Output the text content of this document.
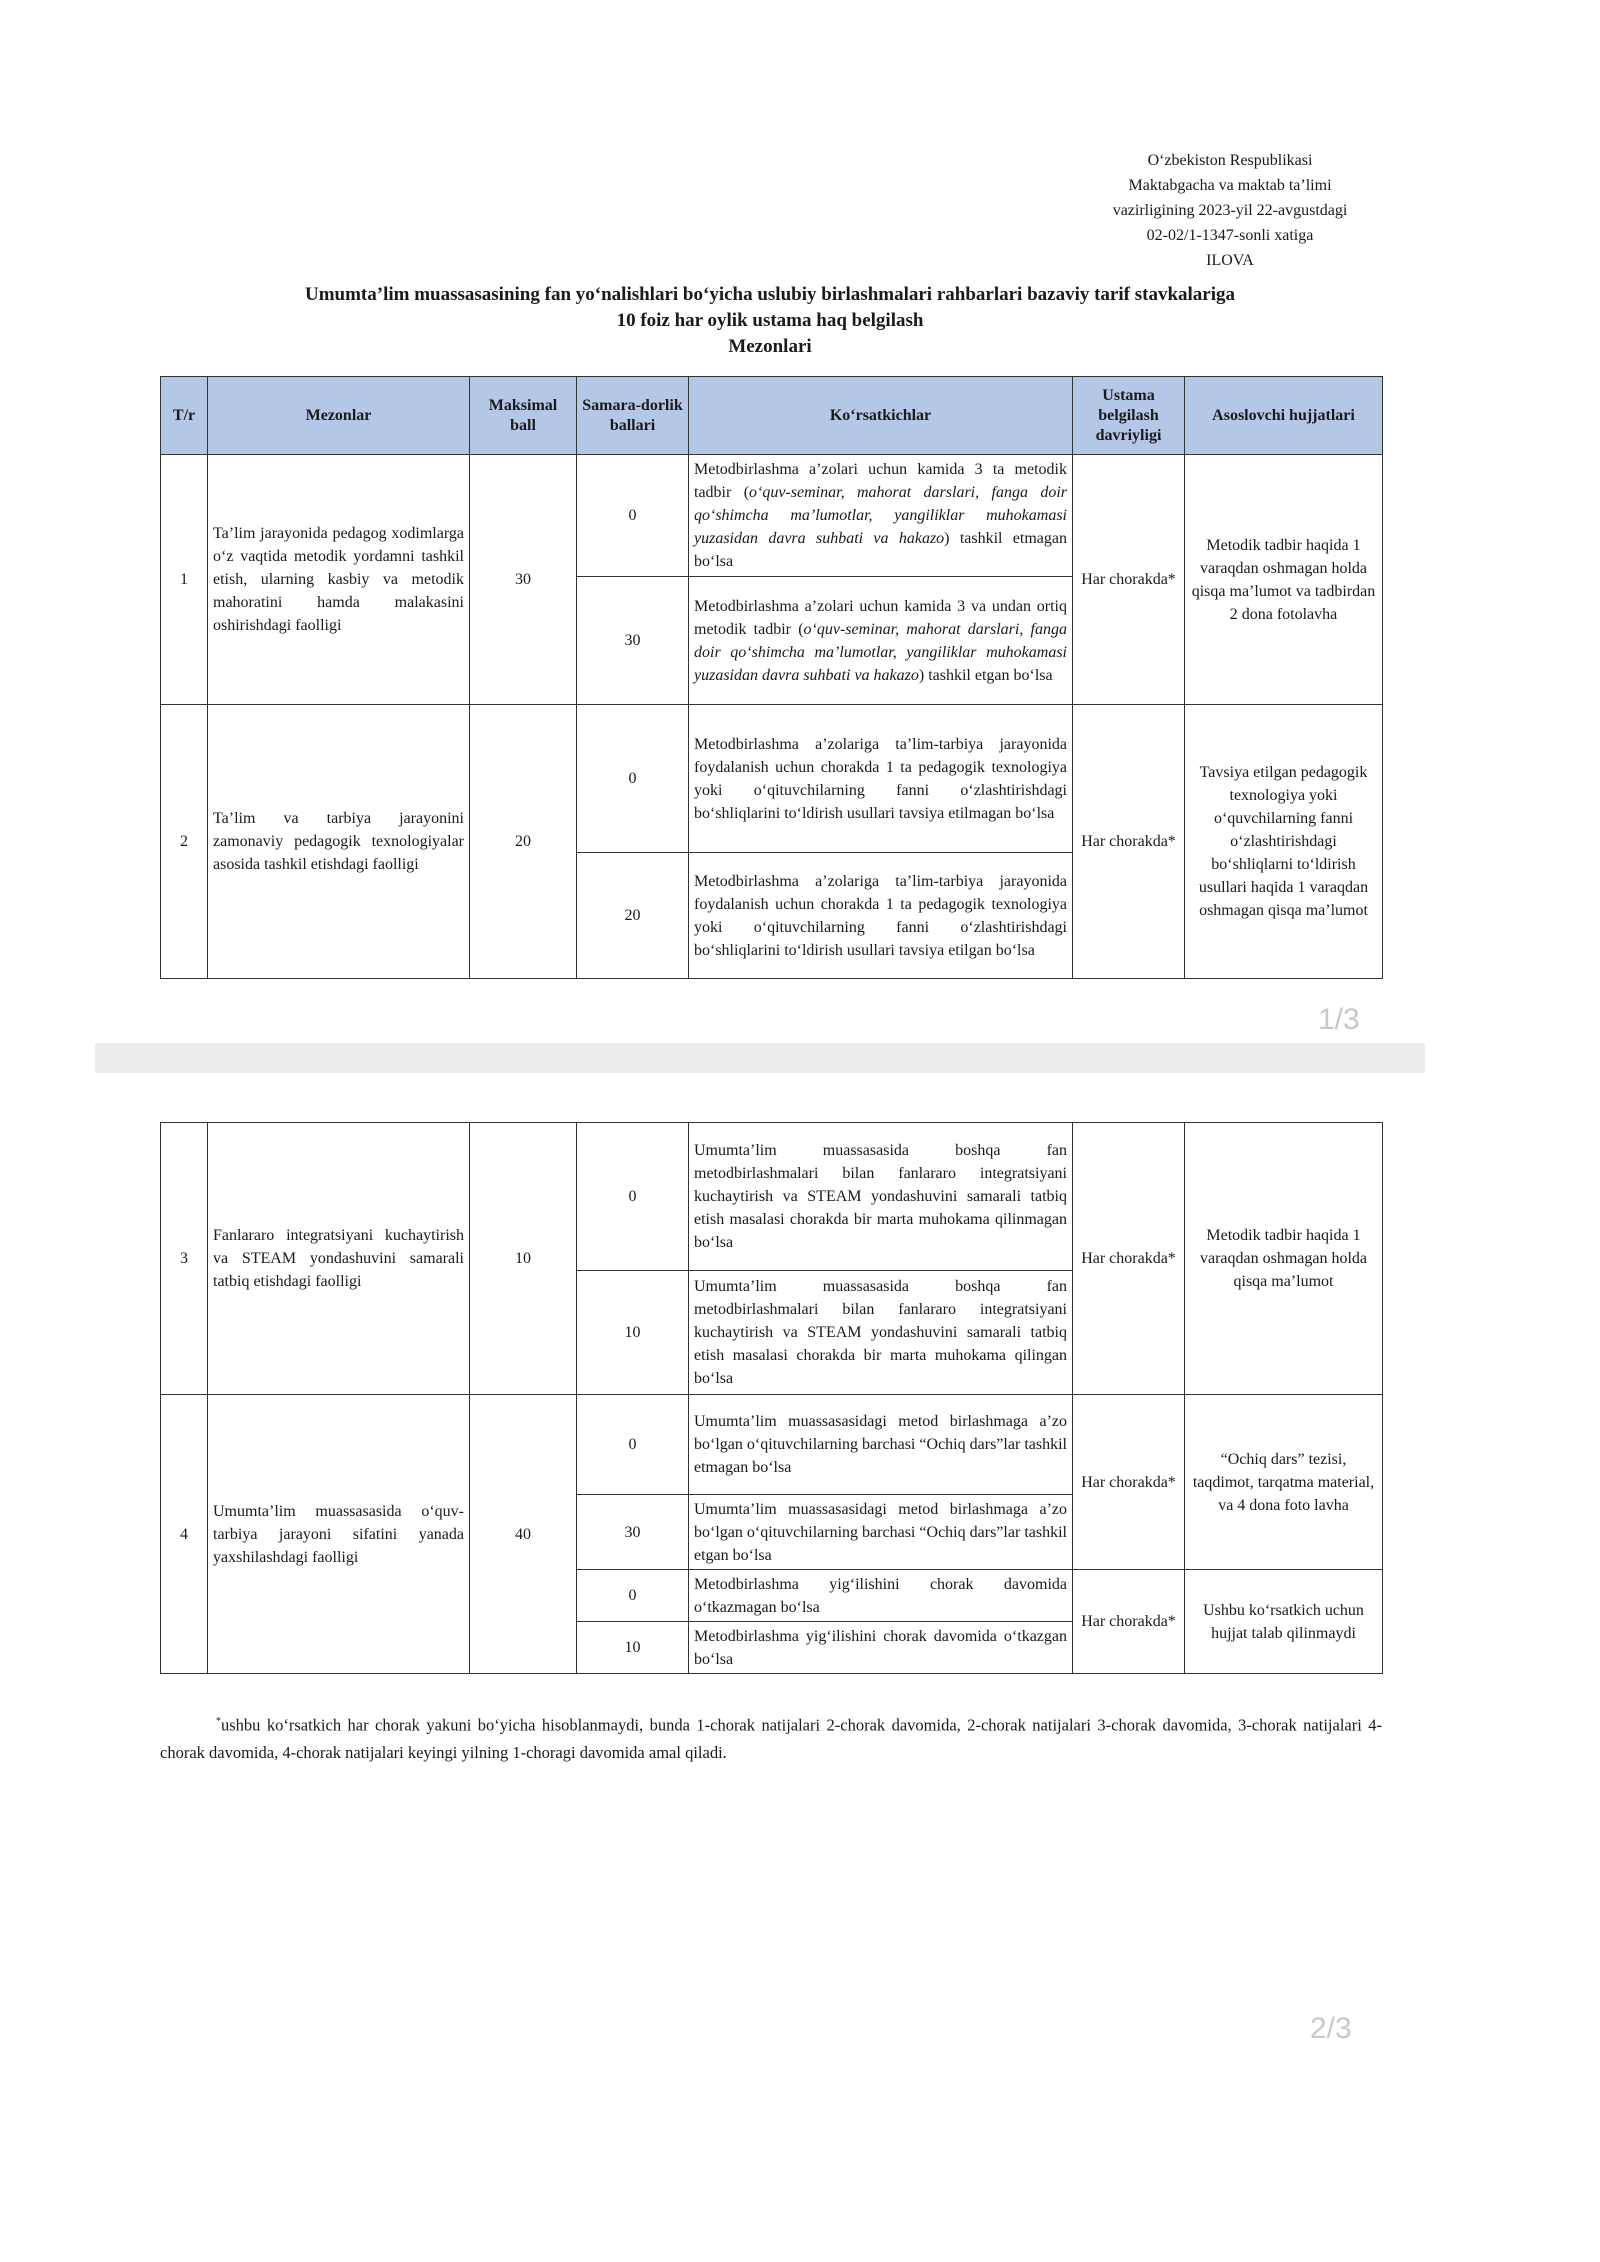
O‘zbekiston Respublikasi
Maktabgacha va maktab ta’limi
vazirligining 2023-yil 22-avgustdagi
02-02/1-1347-sonli xatiga
ILOVA
Umumta’lim muassasasining fan yo‘nalishlari bo‘yicha uslubiy birlashmalari rahbarlari bazaviy tarif stavkalariga
10 foiz har oylik ustama haq belgilash
Mezonlari
T/r	Mezonlar	Maksimal ball	Samara-dorlik ballari	Ko‘rsatkichlar	Ustama belgilash davriyligi	Asoslovchi hujjatlari
1	Ta’lim jarayonida pedagog xodimlarga o‘z vaqtida metodik yordamni tashkil etish, ularning kasbiy va metodik mahoratini hamda malakasini oshirishdagi faolligi	30	0	Metodbirlashma a’zolari uchun kamida 3 ta metodik tadbir (o‘quv-seminar, mahorat darslari, fanga doir qo‘shimcha ma’lumotlar, yangiliklar muhokamasi yuzasidan davra suhbati va hakazo) tashkil etmagan bo‘lsa	Har chorakda*	Metodik tadbir haqida 1 varaqdan oshmagan holda qisqa ma’lumot va tadbirdan 2 dona fotolavha
			30	Metodbirlashma a’zolari uchun kamida 3 va undan ortiq metodik tadbir (o‘quv-seminar, mahorat darslari, fanga doir qo‘shimcha ma’lumotlar, yangiliklar muhokamasi yuzasidan davra suhbati va hakazo) tashkil etgan bo‘lsa		
2	Ta’lim va tarbiya jarayonini zamonaviy pedagogik texnologiyalar asosida tashkil etishdagi faolligi	20	0	Metodbirlashma a’zolariga ta’lim-tarbiya jarayonida foydalanish uchun chorakda 1 ta pedagogik texnologiya yoki o‘qituvchilarning fanni o‘zlashtirishdagi bo‘shliqlarini to‘ldirish usullari tavsiya etilmagan bo‘lsa	Har chorakda*	Tavsiya etilgan pedagogik texnologiya yoki o‘quvchilarning fanni o‘zlashtirishdagi bo‘shliqlarni to‘ldirish usullari haqida 1 varaqdan oshmagan qisqa ma’lumot
			20	Metodbirlashma a’zolariga ta’lim-tarbiya jarayonida foydalanish uchun chorakda 1 ta pedagogik texnologiya yoki o‘qituvchilarning fanni o‘zlashtirishdagi bo‘shliqlarini to‘ldirish usullari tavsiya etilgan bo‘lsa		
1/3
3	Fanlararo integratsiyani kuchaytirish va STEAM yondashuvini samarali tatbiq etishdagi faolligi	10	0	Umumta’lim muassasasida boshqa fan metodbirlashmalari bilan fanlararo integratsiyani kuchaytirish va STEAM yondashuvini samarali tatbiq etish masalasi chorakda bir marta muhokama qilinmagan bo‘lsa	Har chorakda*	Metodik tadbir haqida 1 varaqdan oshmagan holda qisqa ma’lumot
			10	Umumta’lim muassasasida boshqa fan metodbirlashmalari bilan fanlararo integratsiyani kuchaytirish va STEAM yondashuvini samarali tatbiq etish masalasi chorakda bir marta muhokama qilingan bo‘lsa		
4	Umumta’lim muassasasida o‘quv-tarbiya jarayoni sifatini yanada yaxshilashdagi faolligi	40	0	Umumta’lim muassasasidagi metod birlashmaga a’zo bo‘lgan o‘qituvchilarning barchasi “Ochiq dars”lar tashkil etmagan bo‘lsa	Har chorakda*	“Ochiq dars” tezisi, taqdimot, tarqatma material, va 4 dona foto lavha
			30	Umumta’lim muassasasidagi metod birlashmaga a’zo bo‘lgan o‘qituvchilarning barchasi “Ochiq dars”lar tashkil etgan bo‘lsa		
			0	Metodbirlashma yig‘ilishini chorak davomida o‘tkazmagan bo‘lsa	Har chorakda*	Ushbu ko‘rsatkich uchun hujjat talab qilinmaydi
			10	Metodbirlashma yig‘ilishini chorak davomida o‘tkazgan bo‘lsa		
*ushbu ko‘rsatkich har chorak yakuni bo‘yicha hisoblanmaydi, bunda 1-chorak natijalari 2-chorak davomida, 2-chorak natijalari 3-chorak davomida, 3-chorak natijalari 4-chorak davomida, 4-chorak natijalari keyingi yilning 1-choragi davomida amal qiladi.
2/3
